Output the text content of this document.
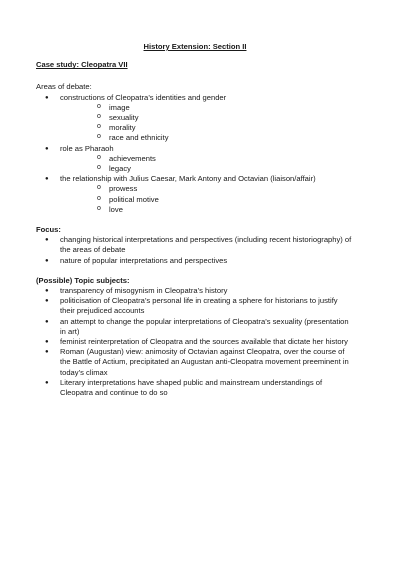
History Extension: Section II

Case study: Cleopatra VII

Areas of debate:

● constructions of Cleopatra’s identities and gender
o image
o sexuality
o morality
o race and ethnicity
● role as Pharaoh
o achievements
o legacy
● the relationship with Julius Caesar, Mark Antony and Octavian (liaison/affair)
o prowess
o political motive
o love

Focus:

● changing historical interpretations and perspectives (including recent historiography) of the areas of debate
● nature of popular interpretations and perspectives

(Possible) Topic subjects:

● transparency of misogynism in Cleopatra’s history
● politicisation of Cleopatra’s personal life in creating a sphere for historians to justify their prejudiced accounts
● an attempt to change the popular interpretations of Cleopatra’s sexuality (presentation in art)
● feminist reinterpretation of Cleopatra and the sources available that dictate her history
● Roman (Augustan) view: animosity of Octavian against Cleopatra, over the course of the Battle of Actium, precipitated an Augustan anti-Cleopatra movement preeminent in today’s climax
● Literary interpretations have shaped public and mainstream understandings of Cleopatra and continue to do so
